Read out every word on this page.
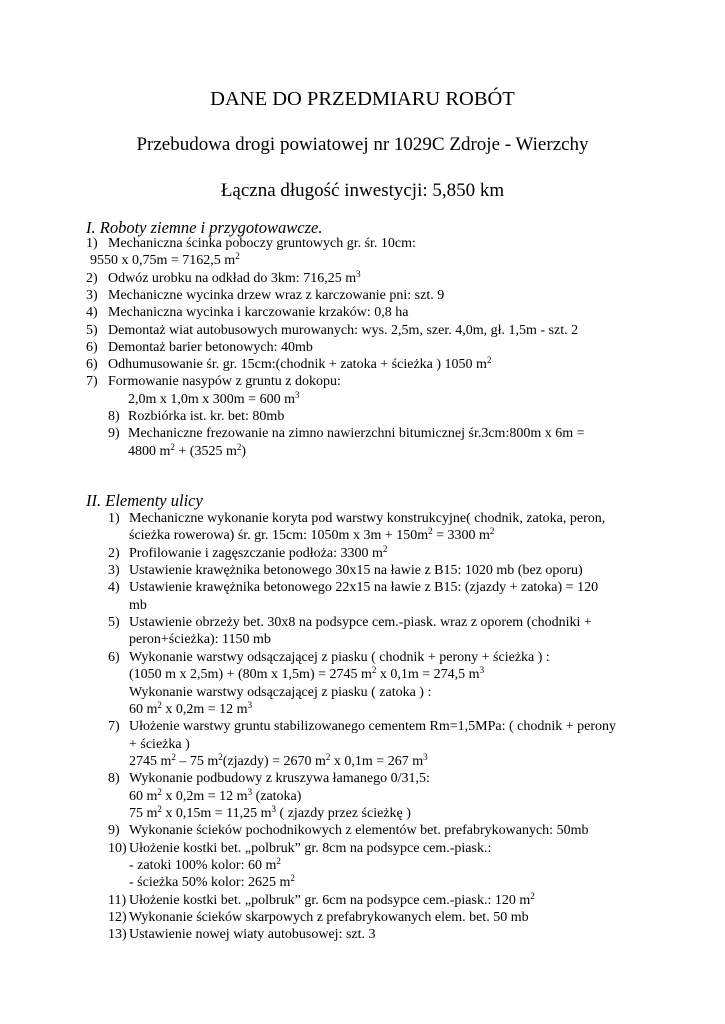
DANE DO PRZEDMIARU ROBÓT
Przebudowa drogi powiatowej nr 1029C Zdroje - Wierzchy
Łączna długość inwestycji: 5,850 km
I. Roboty ziemne i przygotowawcze.
1) Mechaniczna ścinka poboczy gruntowych gr. śr. 10cm:
9550 x 0,75m = 7162,5 $m^2$
2) Odwóz urobku na odkład do 3km: 716,25 $m^3$
3) Mechaniczne wycinka drzew wraz z karczowanie pni: szt. 9
4) Mechaniczna wycinka i karczowanie krzaków: 0,8 ha
5) Demontaż wiat autobusowych murowanych: wys. 2,5m, szer. 4,0m, gł. 1,5m - szt. 2
6) Demontaż barier betonowych: 40mb
6) Odhumusowanie śr. gr. 15cm:(chodnik + zatoka + ścieżka ) 1050 $m^2$
7) Formowanie nasypów z gruntu z dokopu:
2,0m x 1,0m x 300m = 600 $m^3$
8) Rozbiórka ist. kr. bet: 80mb
9) Mechaniczne frezowanie na zimno nawierzchni bitumicznej śr.3cm:800m x 6m =
4800 $m^2 + (3525$ $m^2$)
II. Elementy ulicy
1) Mechaniczne wykonanie koryta pod warstwy konstrukcyjne( chodnik, zatoka, peron,
ścieżka rowerowa) śr. gr. 15cm: 1050m x $3m + 150m^2 = 3300$ $m^2$
2) Profilowanie i zagęszczanie podłoża: 3300 $m^2$
3) Ustawienie krawężnika betonowego 30x15 na ławie z B15: 1020 mb (bez oporu)
4) Ustawienie krawężnika betonowego 22x15 na ławie z B15: (zjazdy + zatoka) = 120
mb
5) Ustawienie obrzeży bet. 30x8 na podsypce cem.-piask. wraz z oporem (chodniki +
peron+ścieżka): 1150 mb
6) Wykonanie warstwy odsączającej z piasku ( chodnik + perony + ścieżka ) :
(1050 m x 2,5m) + (80m x 1,5m) = 2745 $m^2$ x 0,1m = 274,5 $m^3$
Wykonanie warstwy odsączającej z piasku ( zatoka ) :
60 $m^2$ x 0,2m = 12 $m^3$
7) Ułożenie warstwy gruntu stabilizowanego cementem Rm=1,5MPa: ( chodnik + perony
+ ścieżka )
2745 $m^2 - 75$ $m^2(zjazdy) = 2670$ $m^2$ x 0,1m = 267 $m^3$
8) Wykonanie podbudowy z kruszywa łamanego 0/31,5:
60 $m^2$ x 0,2m = 12 $m^3$ (zatoka)
75 $m^2$ x 0,15m = 11,25 $m^3$ ( zjazdy przez ścieżkę )
9) Wykonanie ścieków pochodnikowych z elementów bet. prefabrykowanych: 50mb
10) Ułożenie kostki bet. „polbruk” gr. 8cm na podsypce cem.-piask.:
- zatoki 100% kolor: 60 $m^2$
- ścieżka 50% kolor: 2625 $m^2$
11) Ułożenie kostki bet. „polbruk” gr. 6cm na podsypce cem.-piask.: 120 $m^2$
12) Wykonanie ścieków skarpowych z prefabrykowanych elem. bet. 50 mb
13) Ustawienie nowej wiaty autobusowej: szt. 3
